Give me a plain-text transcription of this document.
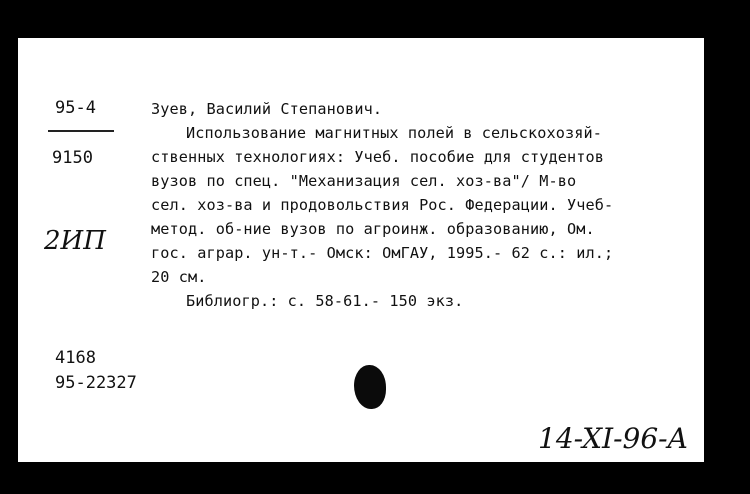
95-4
9150
2ИП
Зуев, Василий Степанович.
Использование магнитных полей в сельскохозяй-
ственных технологиях: Учеб. пособие для студентов
вузов по спец. "Механизация сел. хоз-ва"/ М-во
сел. хоз-ва и продовольствия Рос. Федерации. Учеб-
метод. об-ние вузов по агроинж. образованию, Ом.
гос. аграр. ун-т.- Омск: ОмГАУ, 1995.- 62 с.: ил.;
20 см.
Библиогр.: с. 58-61.- 150 экз.
4168
95-22327
14-XI-96-A
